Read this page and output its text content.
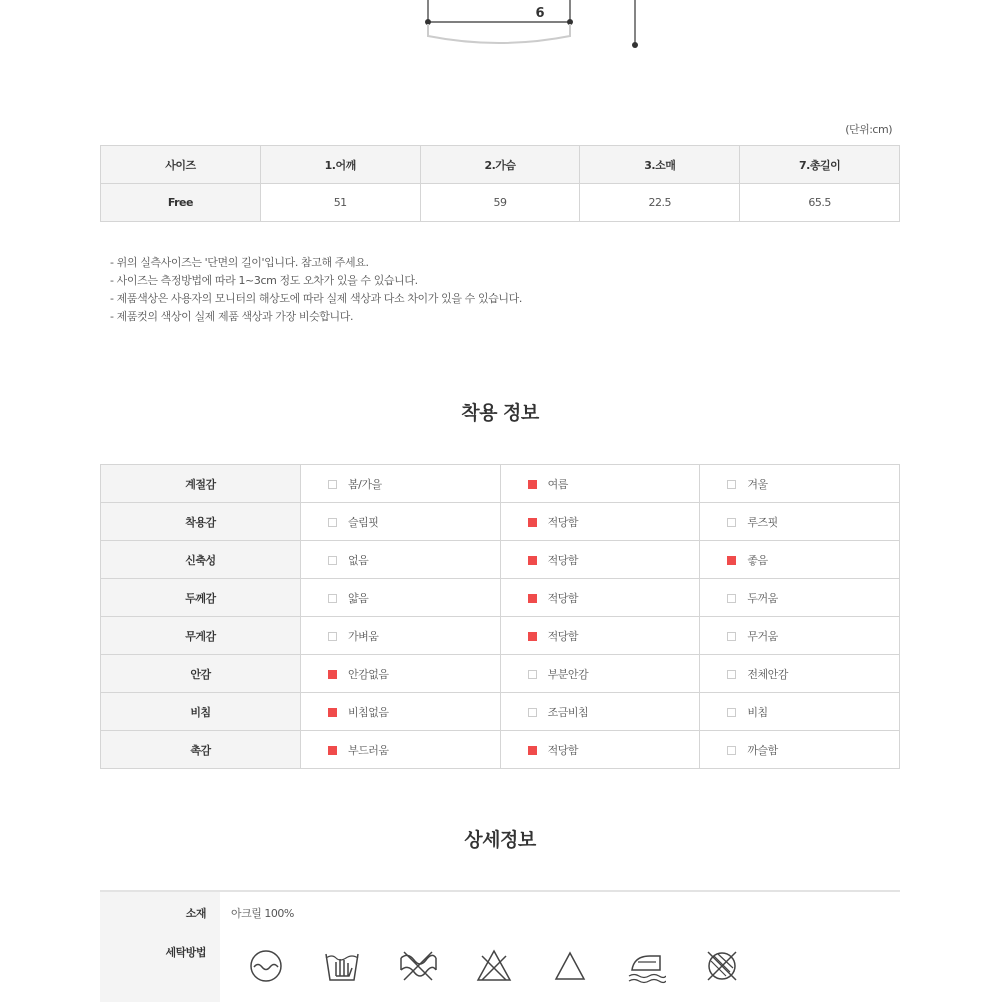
6
(단위:cm)
사이즈	1.어깨	2.가슴	3.소매	7.총길이
Free	51	59	22.5	65.5
- 위의 실측사이즈는 '단면의 길이'입니다. 참고해 주세요.
- 사이즈는 측정방법에 따라 1~3cm 정도 오차가 있을 수 있습니다.
- 제품색상은 사용자의 모니터의 해상도에 따라 실제 색상과 다소 차이가 있을 수 있습니다.
- 제품컷의 색상이 실제 제품 색상과 가장 비슷합니다.
착용 정보
계절감	봄/가을	여름	겨울
착용감	슬림핏	적당함	루즈핏
신축성	없음	적당함	좋음
두께감	얇음	적당함	두꺼움
무게감	가벼움	적당함	무거움
안감	안감없음	부분안감	전체안감
비침	비침없음	조금비침	비침
촉감	부드러움	적당함	까슬함
상세정보
소재 아크릴 100%
세탁방법
